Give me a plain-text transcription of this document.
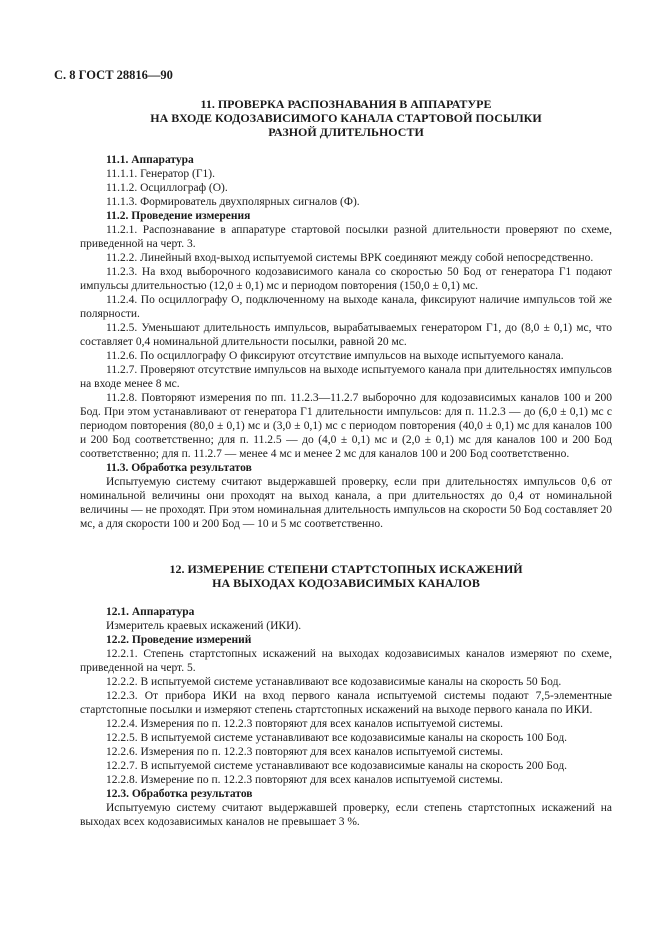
С. 8 ГОСТ 28816—90
11. ПРОВЕРКА РАСПОЗНАВАНИЯ В АППАРАТУРЕ
НА ВХОДЕ КОДОЗАВИСИМОГО КАНАЛА СТАРТОВОЙ ПОСЫЛКИ
РАЗНОЙ ДЛИТЕЛЬНОСТИ

11.1. Аппаратура

11.1.1. Генератор (Г1).

11.1.2. Осциллограф (О).

11.1.3. Формирователь двухполярных сигналов (Ф).

11.2. Проведение измерения

11.2.1. Распознавание в аппаратуре стартовой посылки разной длительности проверяют по схеме, приведенной на черт. 3.

11.2.2. Линейный вход-выход испытуемой системы ВРК соединяют между собой непосредственно.

11.2.3. На вход выборочного кодозависимого канала со скоростью 50 Бод от генератора Г1 подают импульсы длительностью (12,0 ± 0,1) мс и периодом повторения (150,0 ± 0,1) мс.

11.2.4. По осциллографу О, подключенному на выходе канала, фиксируют наличие импульсов той же полярности.

11.2.5. Уменьшают длительность импульсов, вырабатываемых генератором Г1, до (8,0 ± 0,1) мс, что составляет 0,4 номинальной длительности посылки, равной 20 мс.

11.2.6. По осциллографу О фиксируют отсутствие импульсов на выходе испытуемого канала.

11.2.7. Проверяют отсутствие импульсов на выходе испытуемого канала при длительностях импульсов на входе менее 8 мс.

11.2.8. Повторяют измерения по пп. 11.2.3—11.2.7 выборочно для кодозависимых каналов 100 и 200 Бод. При этом устанавливают от генератора Г1 длительности импульсов: для п. 11.2.3 — до (6,0 ± 0,1) мс с периодом повторения (80,0 ± 0,1) мс и (3,0 ± 0,1) мс с периодом повторения (40,0 ± 0,1) мс для каналов 100 и 200 Бод соответственно; для п. 11.2.5 — до (4,0 ± 0,1) мс и (2,0 ± 0,1) мс для каналов 100 и 200 Бод соответственно; для п. 11.2.7 — менее 4 мс и менее 2 мс для каналов 100 и 200 Бод соответственно.

11.3. Обработка результатов

Испытуемую систему считают выдержавшей проверку, если при длительностях импульсов 0,6 от номинальной величины они проходят на выход канала, а при длительностях до 0,4 от номинальной величины — не проходят. При этом номинальная длительность импульсов на скорости 50 Бод составляет 20 мс, а для скорости 100 и 200 Бод — 10 и 5 мс соответственно.

12. ИЗМЕРЕНИЕ СТЕПЕНИ СТАРТСТОПНЫХ ИСКАЖЕНИЙ
НА ВЫХОДАХ КОДОЗАВИСИМЫХ КАНАЛОВ

12.1. Аппаратура

Измеритель краевых искажений (ИКИ).

12.2. Проведение измерений

12.2.1. Степень стартстопных искажений на выходах кодозависимых каналов измеряют по схеме, приведенной на черт. 5.

12.2.2. В испытуемой системе устанавливают все кодозависимые каналы на скорость 50 Бод.

12.2.3. От прибора ИКИ на вход первого канала испытуемой системы подают 7,5-элементные стартстопные посылки и измеряют степень стартстопных искажений на выходе первого канала по ИКИ.

12.2.4. Измерения по п. 12.2.3 повторяют для всех каналов испытуемой системы.

12.2.5. В испытуемой системе устанавливают все кодозависимые каналы на скорость 100 Бод.

12.2.6. Измерения по п. 12.2.3 повторяют для всех каналов испытуемой системы.

12.2.7. В испытуемой системе устанавливают все кодозависимые каналы на скорость 200 Бод.

12.2.8. Измерение по п. 12.2.3 повторяют для всех каналов испытуемой системы.

12.3. Обработка результатов

Испытуемую систему считают выдержавшей проверку, если степень стартстопных искажений на выходах всех кодозависимых каналов не превышает 3 %.
